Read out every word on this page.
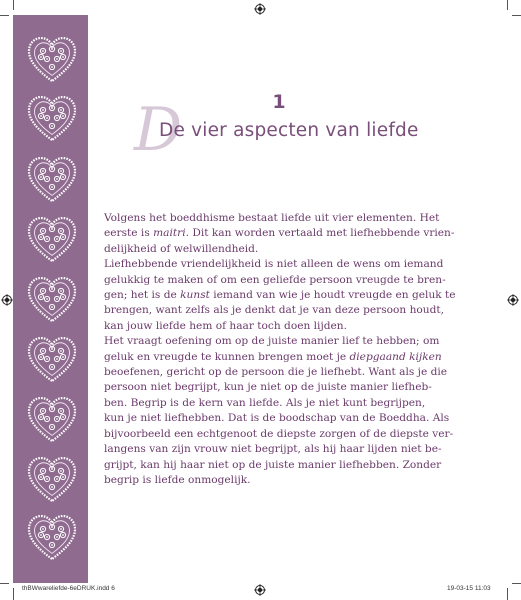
1
D
De vier aspecten van liefde
Volgens het boeddhisme bestaat liefde uit vier elementen. Het
eerste is maitri. Dit kan worden vertaald met liefhebbende vrien-
delijkheid of welwillendheid.
Liefhebbende vriendelijkheid is niet alleen de wens om iemand
gelukkig te maken of om een geliefde persoon vreugde te bren-
gen; het is de kunst iemand van wie je houdt vreugde en geluk te
brengen, want zelfs als je denkt dat je van deze persoon houdt,
kan jouw liefde hem of haar toch doen lijden.
Het vraagt oefening om op de juiste manier lief te hebben; om
geluk en vreugde te kunnen brengen moet je diepgaand kijken
beoefenen, gericht op de persoon die je liefhebt. Want als je die
persoon niet begrijpt, kun je niet op de juiste manier liefheb-
ben. Begrip is de kern van liefde. Als je niet kunt begrijpen,
kun je niet liefhebben. Dat is de boodschap van de Boeddha. Als
bijvoorbeeld een echtgenoot de diepste zorgen of de diepste ver-
langens van zijn vrouw niet begrijpt, als hij haar lijden niet be-
grijpt, kan hij haar niet op de juiste manier liefhebben. Zonder
begrip is liefde onmogelijk.
thBWwareliefde-6eDRUK.indd 6	19-03-15 11:03
